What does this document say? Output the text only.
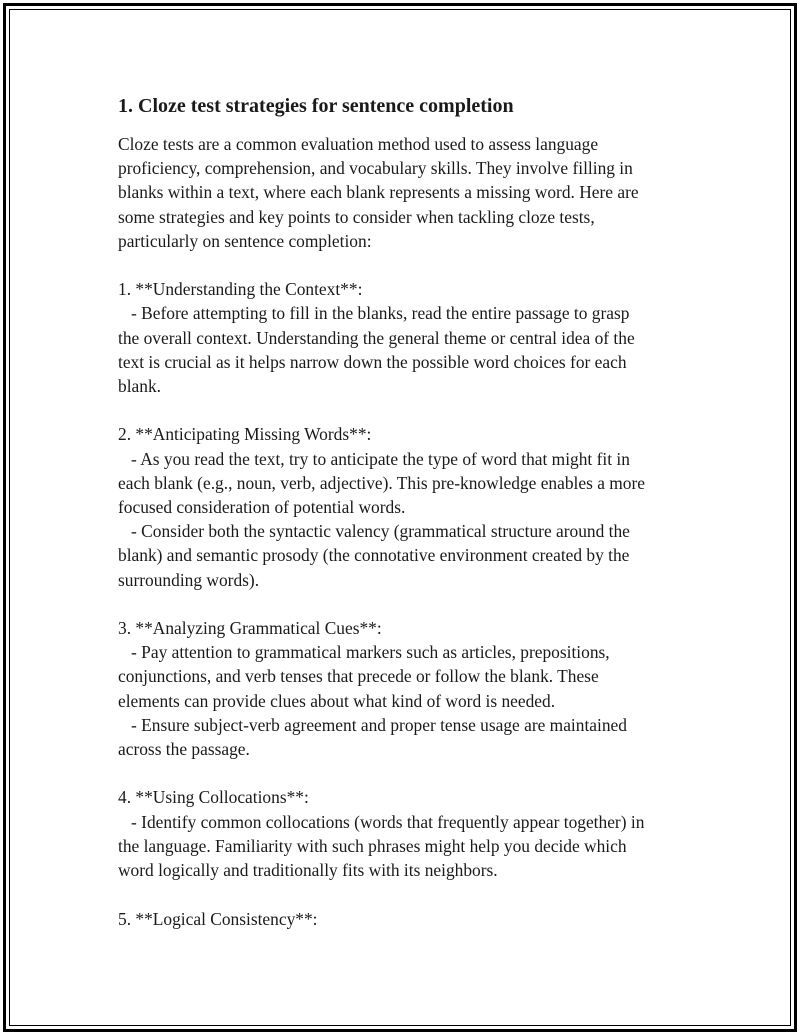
1. Cloze test strategies for sentence completion

Cloze tests are a common evaluation method used to assess language
proficiency, comprehension, and vocabulary skills. They involve filling in
blanks within a text, where each blank represents a missing word. Here are
some strategies and key points to consider when tackling cloze tests,
particularly on sentence completion:

1. **Understanding the Context**:
- Before attempting to fill in the blanks, read the entire passage to grasp
the overall context. Understanding the general theme or central idea of the
text is crucial as it helps narrow down the possible word choices for each
blank.

2. **Anticipating Missing Words**:
- As you read the text, try to anticipate the type of word that might fit in
each blank (e.g., noun, verb, adjective). This pre-knowledge enables a more
focused consideration of potential words.
- Consider both the syntactic valency (grammatical structure around the
blank) and semantic prosody (the connotative environment created by the
surrounding words).

3. **Analyzing Grammatical Cues**:
- Pay attention to grammatical markers such as articles, prepositions,
conjunctions, and verb tenses that precede or follow the blank. These
elements can provide clues about what kind of word is needed.
- Ensure subject-verb agreement and proper tense usage are maintained
across the passage.

4. **Using Collocations**:
- Identify common collocations (words that frequently appear together) in
the language. Familiarity with such phrases might help you decide which
word logically and traditionally fits with its neighbors.

5. **Logical Consistency**:
